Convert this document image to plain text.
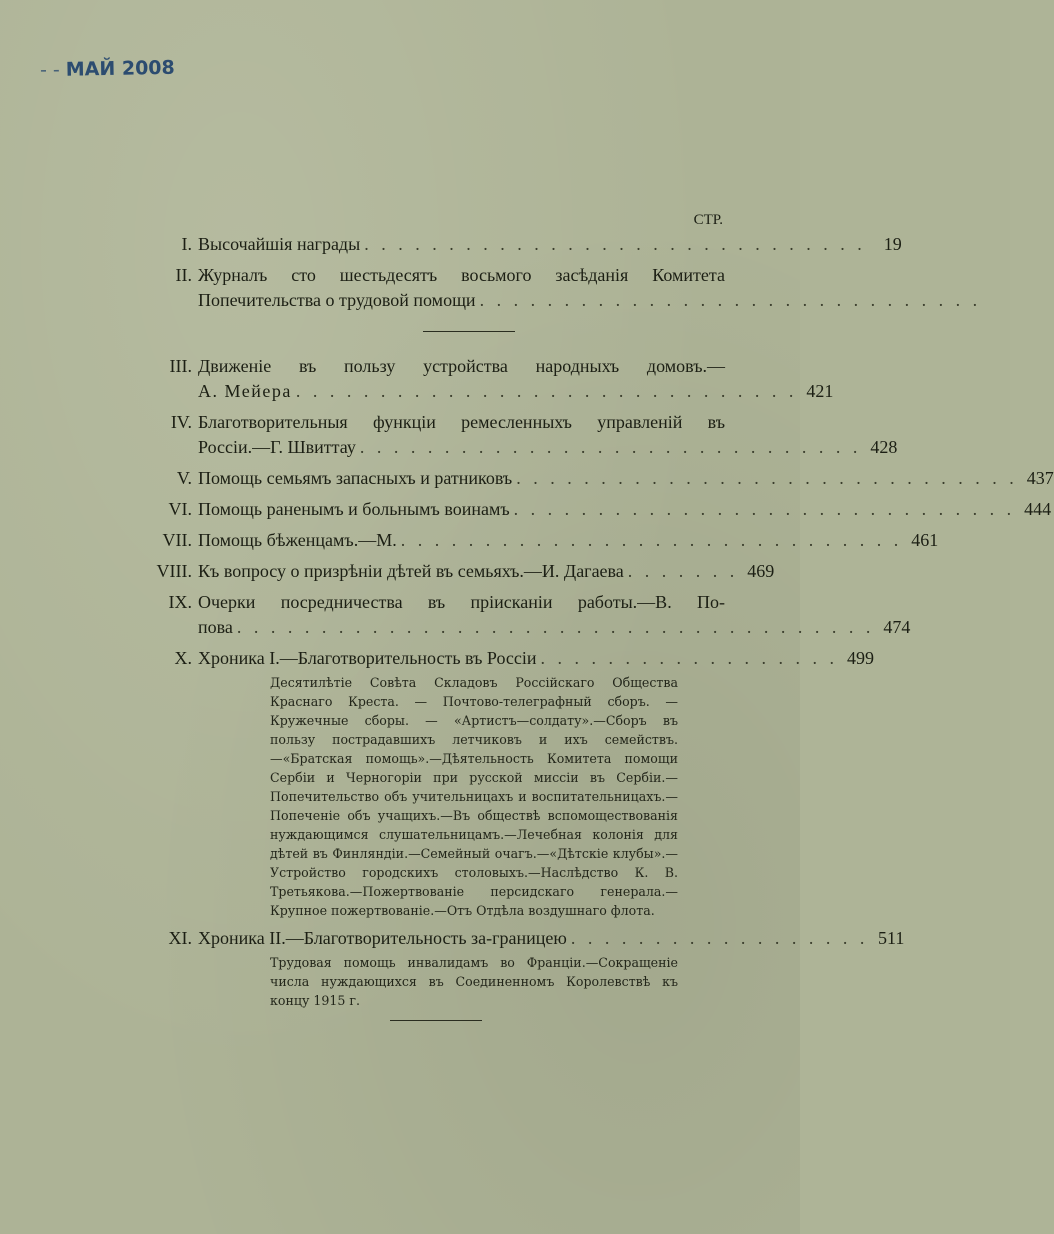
- - МАЙ 2008
СТР.
I. Высочайшія награды . . . . . . . . . . . . . . . . . . . . . . . . . . . . . .	19
II. Журналъ сто шестьдесятъ восьмого засѣданія Комитета
Попечительства о трудовой помощи . . . . . . . . . . . . . . . . . . . . . . . . . . . . . .
III. Движеніе въ пользу устройства народныхъ домовъ.—
А. Мейера . . . . . . . . . . . . . . . . . . . . . . . . . . . . . . 421
IV. Благотворительныя функціи ремесленныхъ управленій въ
Россіи.—Г. Швиттау . . . . . . . . . . . . . . . . . . . . . . . . . . . . . . 428
V. Помощь семьямъ запасныхъ и ратниковъ . . . . . . . . . . . . . . . . . . . . . . . . . . . . . . 437
VI. Помощь раненымъ и больнымъ воинамъ . . . . . . . . . . . . . . . . . . . . . . . . . . . . . . 444
VII. Помощь бѣженцамъ.—М. . . . . . . . . . . . . . . . . . . . . . . . . . . . . . . 461
VIII. Къ вопросу о призрѣніи дѣтей въ семьяхъ.—И. Дагаева . . . . . . . 469
IX. Очерки посредничества въ прiисканіи работы.—В. По-
пова . . . . . . . . . . . . . . . . . . . . . . . . . . . . . . . . . . . . . . 474
X. Хроника I.—Благотворительность въ Россіи . . . . . . . . . . . . . . . . . . 499
Десятилѣтіе Совѣта Складовъ Россійскаго Общества Краснаго Креста. — Почтово-телеграфный сборъ. — Кружечные сборы. — «Артистъ—солдату».—Сборъ въ пользу пострадавшихъ летчиковъ и ихъ семействъ.—«Братская помощь».—Дѣятельность Комитета помощи Сербіи и Черногоріи при русской миссіи въ Сербіи.—Попечительство объ учительницахъ и воспитательницахъ.—Попеченіе объ учащихъ.—Въ обществѣ вспомоществованія нуждающимся слушательницамъ.—Лечебная колонія для дѣтей въ Финляндіи.—Семейный очагъ.—«Дѣтскіе клубы».—Устройство городскихъ столовыхъ.—Наслѣдство К. В. Третьякова.—Пожертвованіе персидскаго генерала.—Крупное пожертвованіе.—Отъ Отдѣла воздушнаго флота.
XI. Хроника II.—Благотворительность за-границею . . . . . . . . . . . . . . . . . . 511
Трудовая помощь инвалидамъ во Франціи.—Сокращеніе числа нуждающихся въ Соединенномъ Королевствѣ къ концу 1915 г.
